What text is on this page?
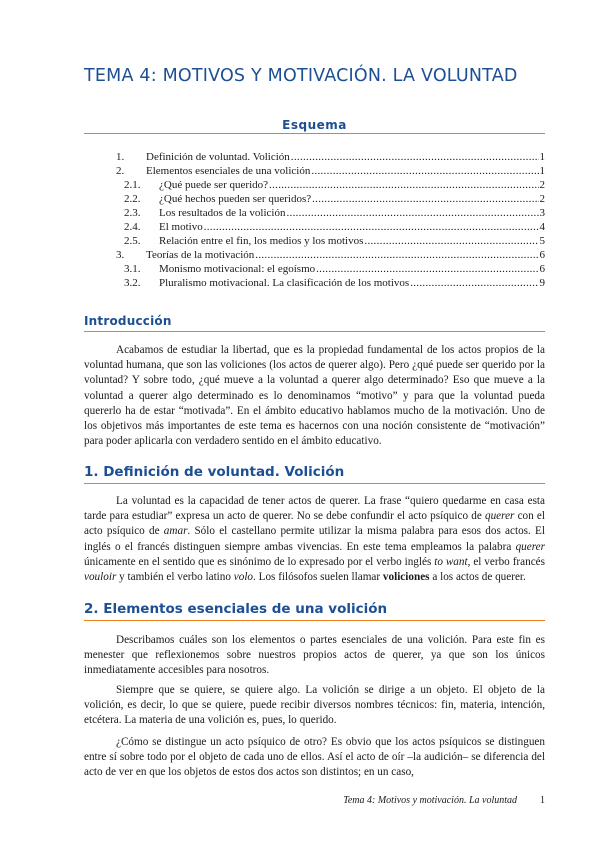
TEMA 4: MOTIVOS Y MOTIVACIÓN. LA VOLUNTAD
Esquema
1.	Definición de voluntad. Volición .....	1
2.	Elementos esenciales de una volición .....	1
2.1.	¿Qué puede ser querido? .....	2
2.2.	¿Qué hechos pueden ser queridos? .....	2
2.3.	Los resultados de la volición .....	3
2.4.	El motivo .....	4
2.5.	Relación entre el fin, los medios y los motivos .....	5
3.	Teorías de la motivación .....	6
3.1.	Monismo motivacional: el egoísmo .....	6
3.2.	Pluralismo motivacional. La clasificación de los motivos .....	9
Introducción

Acabamos de estudiar la libertad, que es la propiedad fundamental de los actos propios de la voluntad humana, que son las voliciones (los actos de querer algo). Pero ¿qué puede ser querido por la voluntad? Y sobre todo, ¿qué mueve a la voluntad a querer algo determinado? Eso que mueve a la voluntad a querer algo determinado es lo denominamos “motivo” y para que la voluntad pueda quererlo ha de estar “motivada”. En el ámbito educativo hablamos mucho de la motivación. Uno de los objetivos más importantes de este tema es hacernos con una noción consistente de “motivación” para poder aplicarla con verdadero sentido en el ámbito educativo.

1. Definición de voluntad. Volición

La voluntad es la capacidad de tener actos de querer. La frase “quiero quedarme en casa esta tarde para estudiar” expresa un acto de querer. No se debe confundir el acto psíquico de querer con el acto psíquico de amar. Sólo el castellano permite utilizar la misma palabra para esos dos actos. El inglés o el francés distinguen siempre ambas vivencias. En este tema empleamos la palabra querer únicamente en el sentido que es sinónimo de lo expresado por el verbo inglés to want, el verbo francés vouloir y también el verbo latino volo. Los filósofos suelen llamar voliciones a los actos de querer.

2. Elementos esenciales de una volición

Describamos cuáles son los elementos o partes esenciales de una volición. Para este fin es menester que reflexionemos sobre nuestros propios actos de querer, ya que son los únicos inmediatamente accesibles para nosotros.

Siempre que se quiere, se quiere algo. La volición se dirige a un objeto. El objeto de la volición, es decir, lo que se quiere, puede recibir diversos nombres técnicos: fin, materia, intención, etcétera. La materia de una volición es, pues, lo querido.

¿Cómo se distingue un acto psíquico de otro? Es obvio que los actos psíquicos se distinguen entre sí sobre todo por el objeto de cada uno de ellos. Así el acto de oír –la audición– se diferencia del acto de ver en que los objetos de estos dos actos son distintos; en un caso,

Tema 4: Motivos y motivación. La voluntad 1
